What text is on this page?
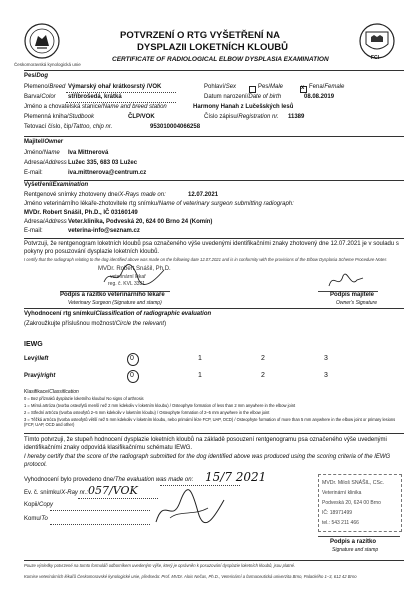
Českomoravská kynologická unie
FCI
POTVRZENÍ O RTG VYŠETŘENÍ NA
DYSPLAZII LOKETNÍCH KLOUBŮ
CERTIFICATE OF RADIOLOGICAL ELBOW DYSPLASIA EXAMINATION
Pes/Dog
Plemeno/Breed Výmarský ohař krátkosrstý /VOK	Pohlaví/Sex	Pes/Male	x Fena/Female
Barva/Color stříbrošedá, krátká	Datum narození/Date of birth	08.08.2019
Jméno a chovatelská stanice/Name and breed station	Harmony Hanah z Lučešských lesů
Plemenná kniha/Studbook	ČLP/VOK	Číslo zápisu/Registration nr. 11389
Tetovací číslo, čip/Tattoo, chip nr.	953010004066258
Majitel/Owner
Jméno/Name Iva Mittnerová
Adresa/Address Lužec 335, 683 03 Lužec
E-mail:	iva.mittnerova@centrum.cz
Vyšetření/Examination
Rentgenové snímky zhotoveny dne/X-Rays made on:	12.07.2021
Jméno veterinárního lékaře-zhotovitele rtg snímku/Name of veterinary surgeon submitting radiograph:
MVDr. Robert Snášil, Ph.D., IČ 03160149
Adresa/Address Veter.klinika, Podveská 20, 624 00 Brno 24 (Komín)
E-mail:	veterina-info@seznam.cz
Potvrzuji, že rentgenogram loketních kloubů psa označeného výše uvedenými identifikačními znaky zhotovený dne 12.07.2021 je v souladu s pokyny pro posuzování dysplazie loketních kloubů.
I certify that the radiograph relating to the dog identified above was made on the following date 12.07.2021 and is in conformity with the provisions of the Elbow Dysplasia Scheme Procedure Notes
MVDr. Robert Snášil, Ph.D.
veterinární lékař
reg. č. KVL 3331
Podpis a razítko veterinárního lékaře
Veterinary Surgeon (Signature and stamp)
Podpis majitele
Owner's Signature
Vyhodnocení rtg snímku/Classification of radiographic evaluation
(Zakroužkujte příslušnou možnost/Circle the relevant)
IEWG
Levý/left	0	1	2	3
Pravý/right	0	1	2	3
Klasifikace/Classification
0 = Bez příznaků dysplazie loketního kloubu/ No signs of arthrosis
1 = Mírná artróza (tvorba osteofytů menší než 2 mm kdekoliv v loketním kloubu) / Osteophyte formation of less than 2 mm anywhere in the elbow joint
2 = Střední artróza (tvorba osteofytů 2–5 mm kdekoliv v loketním kloubu) / Osteophyte formation of 2–5 mm anywhere in the elbow joint
3 = Těžká artróza (tvorba osteofytů větší než 5 mm kdekoliv v loketním kloubu, nebo primární léze FCP, UAP, OCD) / Osteophyte formation of more than 5 mm anywhere in the elbow joint or primary lesions (FCP, UAP, OCD and other)
Tímto potvrzuji, že stupeň hodnocení dysplazie loketních kloubů na základě posouzení rentgenogramu psa označeného výše uvedenými identifikačními znaky odpovídá klasifikačnímu schématu IEWG.
I hereby certify that the score of the radiograph submitted for the dog identified above was produced using the scoring criteria of the IEWG protocol.
Vyhodnocení bylo provedeno dne/The evaluation was made on: 15/7 2021
Ev. č. snímku/X-Ray nr.: 057/VOK
Kopii/Copy
Komu/To
MVDr. Miloš SNÁŠIL, CSc.
Veterinární klinika
Podveská 20, 624 00 Brno
IČ: 18971499
tel.: 543 211 466
Podpis a razítko
Signature and stamp
Pouze výsledky potvrzené na tomto formuláři odborníkem uvedeným výše, který je oprávněn k posuzování dysplazie loketních kloubů, jsou platné.
Komise veterinárních lékařů Českomoravské kynologické unie, předseda: Prof. MVDr. Alois Nečas, Ph.D., Veterinární a farmaceutická univerzita Brno, Palackého 1–3, 612 42 Brno
